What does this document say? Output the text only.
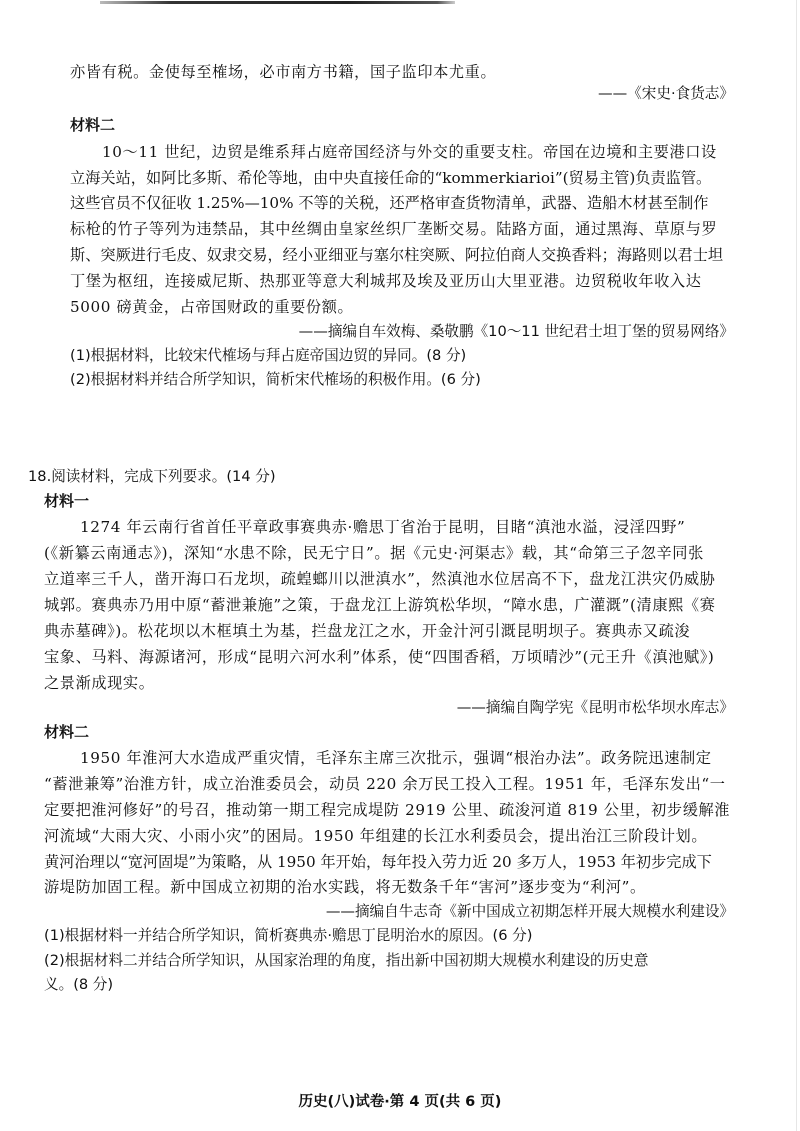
亦皆有税。金使每至榷场，必市南方书籍，国子监印本尤重。
——《宋史·食货志》
材料二
10～11 世纪，边贸是维系拜占庭帝国经济与外交的重要支柱。帝国在边境和主要港口设
立海关站，如阿比多斯、希伦等地，由中央直接任命的“kommerkiarioi”(贸易主管)负责监管。
这些官员不仅征收 1.25%—10% 不等的关税，还严格审查货物清单，武器、造船木材甚至制作
标枪的竹子等列为违禁品，其中丝绸由皇家丝织厂垄断交易。陆路方面，通过黑海、草原与罗
斯、突厥进行毛皮、奴隶交易，经小亚细亚与塞尔柱突厥、阿拉伯商人交换香料；海路则以君士坦
丁堡为枢纽，连接威尼斯、热那亚等意大利城邦及埃及亚历山大里亚港。边贸税收年收入达
5000 磅黄金，占帝国财政的重要份额。
——摘编自车效梅、桑敬鹏《10～11 世纪君士坦丁堡的贸易网络》
(1)根据材料，比较宋代榷场与拜占庭帝国边贸的异同。(8 分)
(2)根据材料并结合所学知识，简析宋代榷场的积极作用。(6 分)
18.阅读材料，完成下列要求。(14 分)
材料一
1274 年云南行省首任平章政事赛典赤·赡思丁省治于昆明，目睹“滇池水溢，浸淫四野”
(《新纂云南通志》)，深知“水患不除，民无宁日”。据《元史·河渠志》载，其“命第三子忽辛同张
立道率三千人，凿开海口石龙坝，疏蝗螂川以泄滇水”，然滇池水位居高不下，盘龙江洪灾仍威胁
城郭。赛典赤乃用中原“蓄泄兼施”之策，于盘龙江上游筑松华坝，“障水患，广灌溉”(清康熙《赛
典赤墓碑》)。松花坝以木框填土为基，拦盘龙江之水，开金汁河引溉昆明坝子。赛典赤又疏浚
宝象、马料、海源诸河，形成“昆明六河水利”体系，使“四围香稻，万顷晴沙”(元王升《滇池赋》)
之景渐成现实。
——摘编自陶学宪《昆明市松华坝水库志》
材料二
1950 年淮河大水造成严重灾情，毛泽东主席三次批示，强调“根治办法”。政务院迅速制定
“蓄泄兼筹”治淮方针，成立治淮委员会，动员 220 余万民工投入工程。1951 年，毛泽东发出“一
定要把淮河修好”的号召，推动第一期工程完成堤防 2919 公里、疏浚河道 819 公里，初步缓解淮
河流域“大雨大灾、小雨小灾”的困局。1950 年组建的长江水利委员会，提出治江三阶段计划。
黄河治理以“宽河固堤”为策略，从 1950 年开始，每年投入劳力近 20 多万人，1953 年初步完成下
游堤防加固工程。新中国成立初期的治水实践，将无数条千年“害河”逐步变为“利河”。
——摘编自牛志奇《新中国成立初期怎样开展大规模水利建设》
(1)根据材料一并结合所学知识，简析赛典赤·赡思丁昆明治水的原因。(6 分)
(2)根据材料二并结合所学知识，从国家治理的角度，指出新中国初期大规模水利建设的历史意
义。(8 分)
历史(八)试卷·第 4 页(共 6 页)
